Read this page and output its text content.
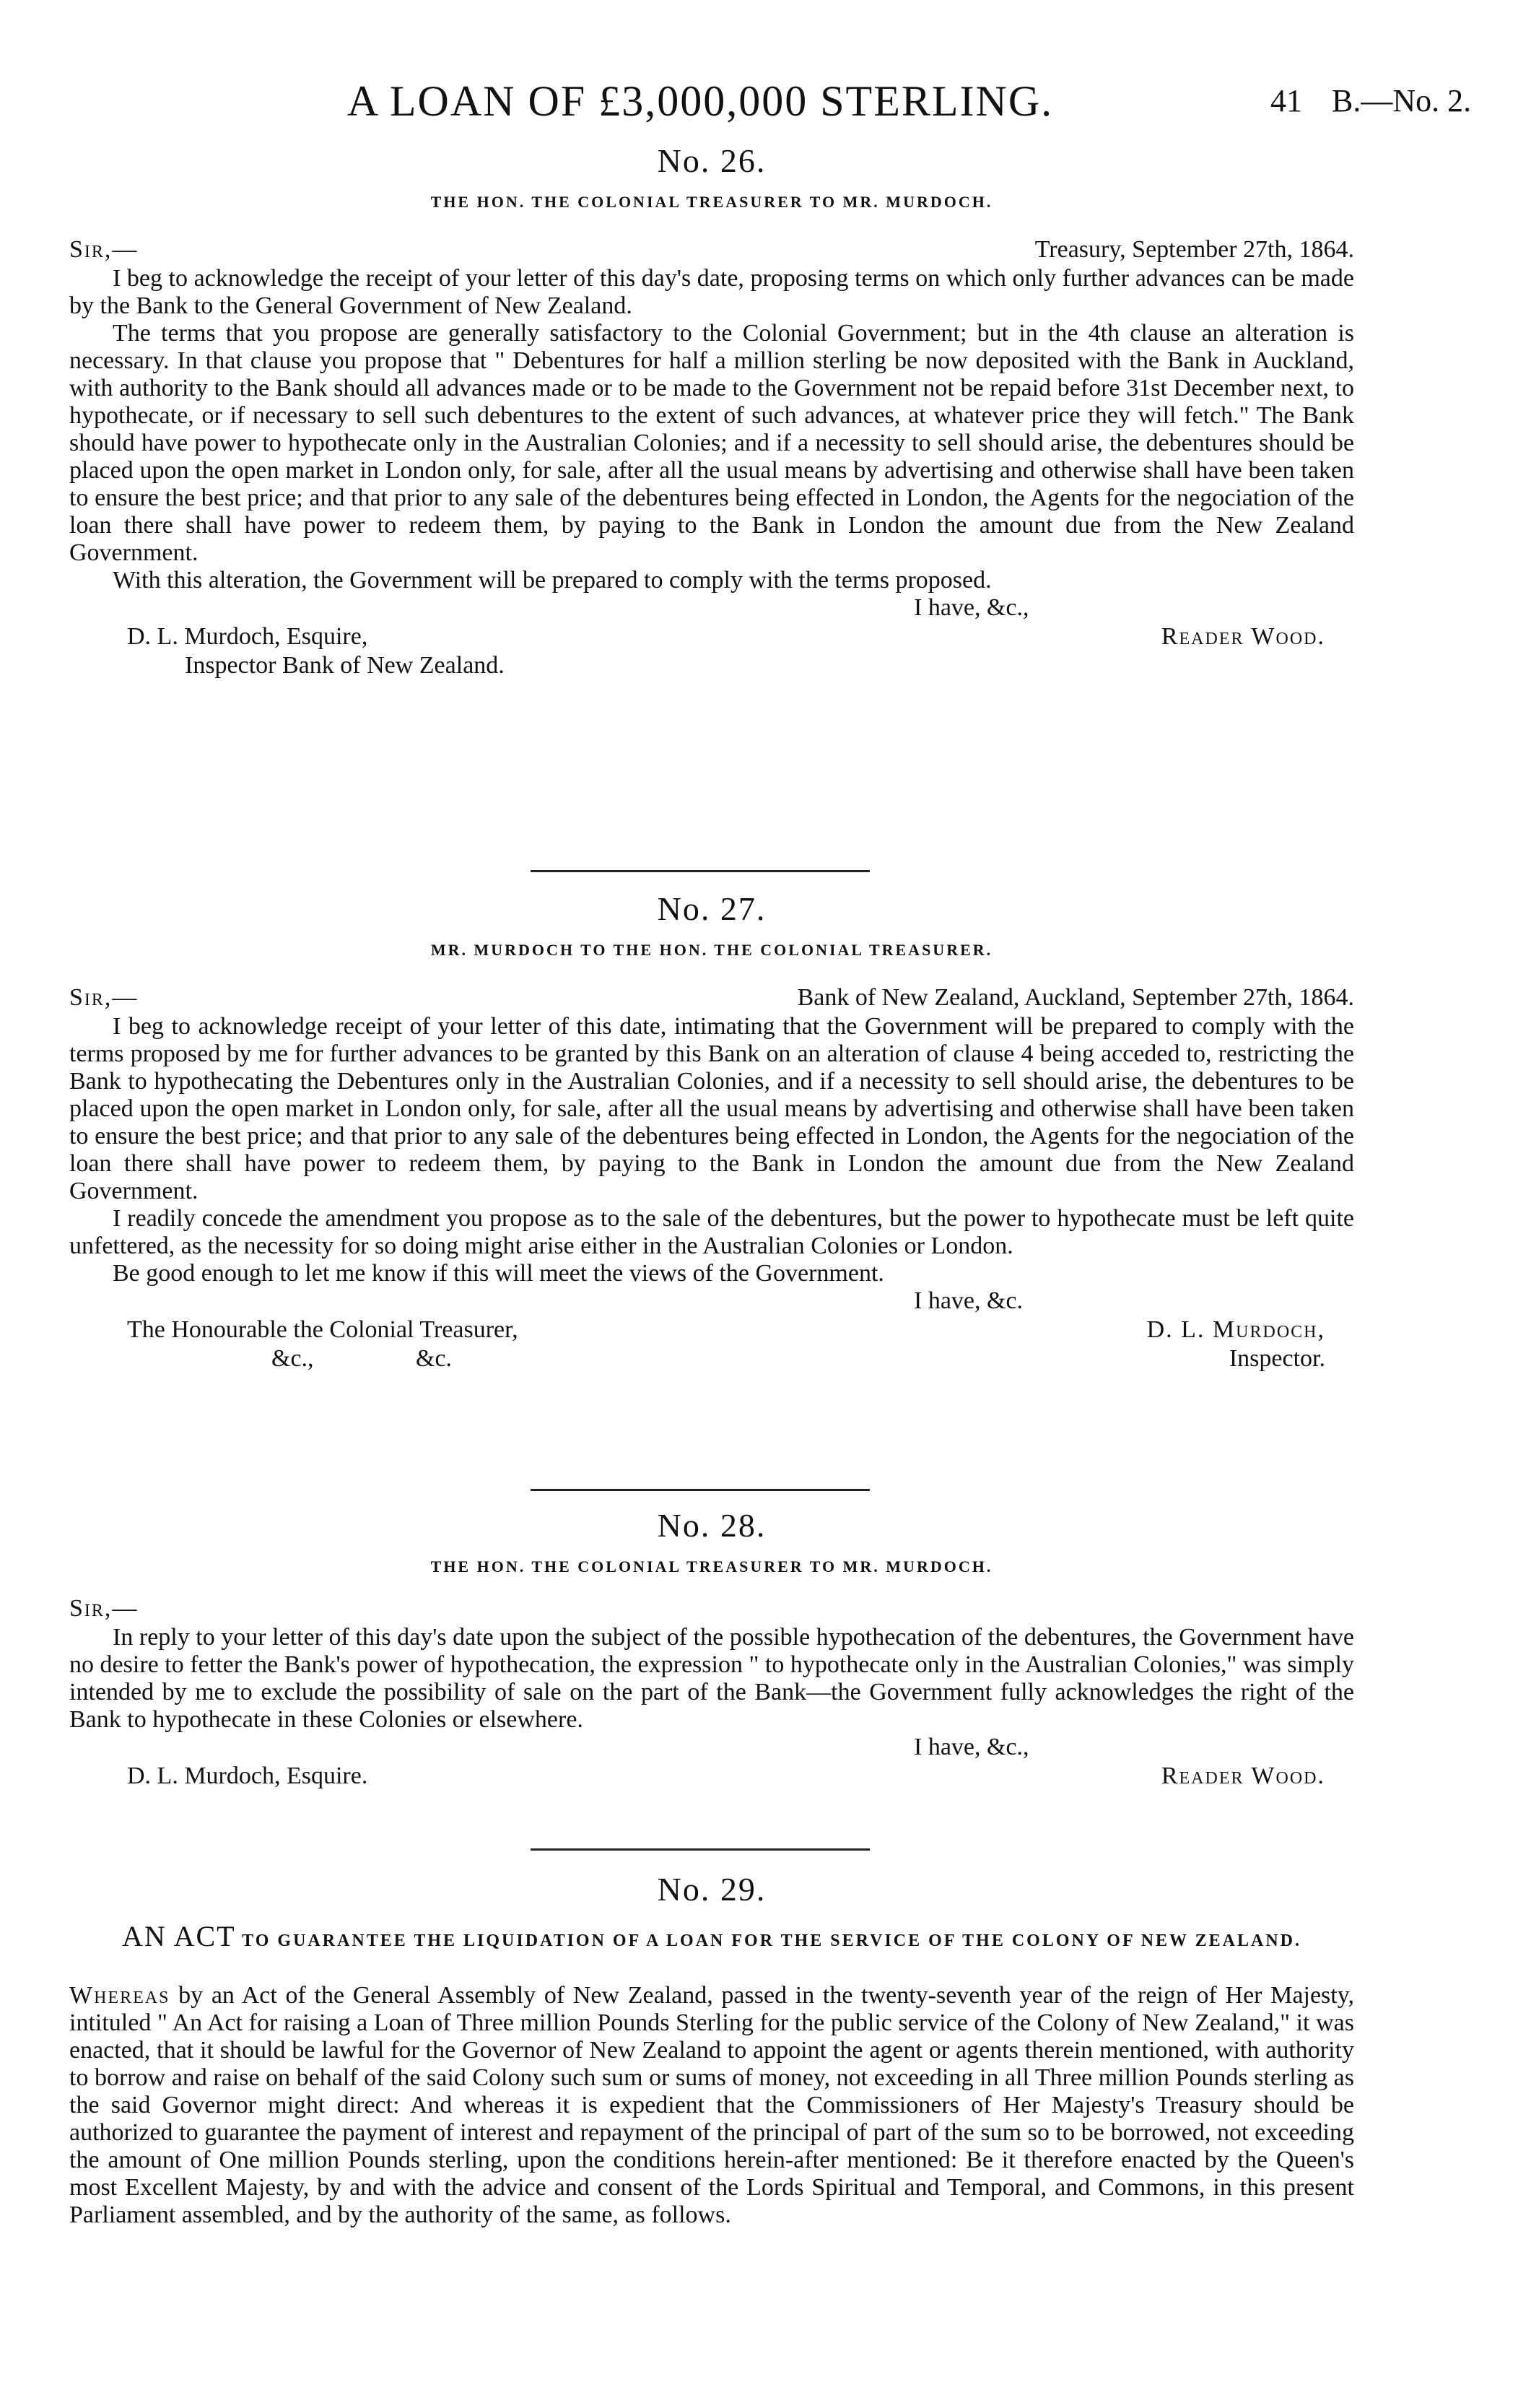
A LOAN OF £3,000,000 STERLING.	41 B.—No. 2.

No. 26.

THE HON. THE COLONIAL TREASURER TO MR. MURDOCH.

Sir,—	Treasury, September 27th, 1864.

I beg to acknowledge the receipt of your letter of this day's date, proposing terms on which only further advances can be made by the Bank to the General Government of New Zealand.

The terms that you propose are generally satisfactory to the Colonial Government; but in the 4th clause an alteration is necessary. In that clause you propose that " Debentures for half a million sterling be now deposited with the Bank in Auckland, with authority to the Bank should all advances made or to be made to the Government not be repaid before 31st December next, to hypothecate, or if necessary to sell such debentures to the extent of such advances, at whatever price they will fetch." The Bank should have power to hypothecate only in the Australian Colonies; and if a necessity to sell should arise, the debentures should be placed upon the open market in London only, for sale, after all the usual means by advertising and otherwise shall have been taken to ensure the best price; and that prior to any sale of the debentures being effected in London, the Agents for the negociation of the loan there shall have power to redeem them, by paying to the Bank in London the amount due from the New Zealand Government.

With this alteration, the Government will be prepared to comply with the terms proposed.

I have, &c.,
D. L. Murdoch, Esquire,	Reader Wood.
Inspector Bank of New Zealand.

No. 27.

MR. MURDOCH TO THE HON. THE COLONIAL TREASURER.

Sir,—	Bank of New Zealand, Auckland, September 27th, 1864.

I beg to acknowledge receipt of your letter of this date, intimating that the Government will be prepared to comply with the terms proposed by me for further advances to be granted by this Bank on an alteration of clause 4 being acceded to, restricting the Bank to hypothecating the Debentures only in the Australian Colonies, and if a necessity to sell should arise, the debentures to be placed upon the open market in London only, for sale, after all the usual means by advertising and otherwise shall have been taken to ensure the best price; and that prior to any sale of the debentures being effected in London, the Agents for the negociation of the loan there shall have power to redeem them, by paying to the Bank in London the amount due from the New Zealand Government.

I readily concede the amendment you propose as to the sale of the debentures, but the power to hypothecate must be left quite unfettered, as the necessity for so doing might arise either in the Australian Colonies or London.

Be good enough to let me know if this will meet the views of the Government.

I have, &c.
The Honourable the Colonial Treasurer,	D. L. Murdoch,
&c.,	&c.	Inspector.

No. 28.

THE HON. THE COLONIAL TREASURER TO MR. MURDOCH.

Sir,—

In reply to your letter of this day's date upon the subject of the possible hypothecation of the debentures, the Government have no desire to fetter the Bank's power of hypothecation, the expression " to hypothecate only in the Australian Colonies," was simply intended by me to exclude the possibility of sale on the part of the Bank—the Government fully acknowledges the right of the Bank to hypothecate in these Colonies or elsewhere.

I have, &c.,
D. L. Murdoch, Esquire.	Reader Wood.

No. 29.

AN ACT TO GUARANTEE THE LIQUIDATION OF A LOAN FOR THE SERVICE OF THE COLONY OF NEW ZEALAND.

Whereas by an Act of the General Assembly of New Zealand, passed in the twenty-seventh year of the reign of Her Majesty, intituled " An Act for raising a Loan of Three million Pounds Sterling for the public service of the Colony of New Zealand," it was enacted, that it should be lawful for the Governor of New Zealand to appoint the agent or agents therein mentioned, with authority to borrow and raise on behalf of the said Colony such sum or sums of money, not exceeding in all Three million Pounds sterling as the said Governor might direct: And whereas it is expedient that the Commissioners of Her Majesty's Treasury should be authorized to guarantee the payment of interest and repayment of the principal of part of the sum so to be borrowed, not exceeding the amount of One million Pounds sterling, upon the conditions herein-after mentioned: Be it therefore enacted by the Queen's most Excellent Majesty, by and with the advice and consent of the Lords Spiritual and Temporal, and Commons, in this present Parliament assembled, and by the authority of the same, as follows.
